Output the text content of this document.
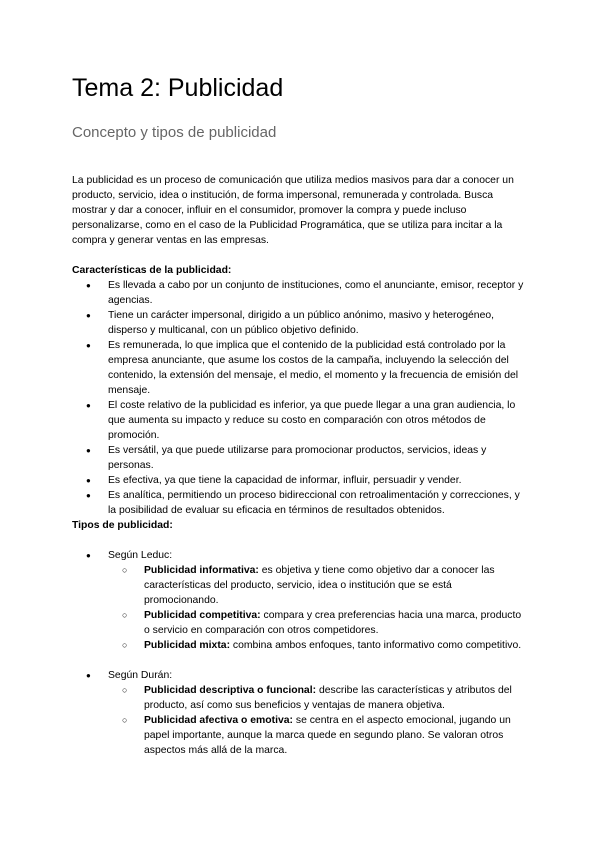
Tema 2: Publicidad
Concepto y tipos de publicidad

La publicidad es un proceso de comunicación que utiliza medios masivos para dar a conocer un producto, servicio, idea o institución, de forma impersonal, remunerada y controlada. Busca mostrar y dar a conocer, influir en el consumidor, promover la compra y puede incluso personalizarse, como en el caso de la Publicidad Programática, que se utiliza para incitar a la compra y generar ventas en las empresas.

Características de la publicidad:
● Es llevada a cabo por un conjunto de instituciones, como el anunciante, emisor, receptor y agencias.
● Tiene un carácter impersonal, dirigido a un público anónimo, masivo y heterogéneo, disperso y multicanal, con un público objetivo definido.
● Es remunerada, lo que implica que el contenido de la publicidad está controlado por la empresa anunciante, que asume los costos de la campaña, incluyendo la selección del contenido, la extensión del mensaje, el medio, el momento y la frecuencia de emisión del mensaje.
● El coste relativo de la publicidad es inferior, ya que puede llegar a una gran audiencia, lo que aumenta su impacto y reduce su costo en comparación con otros métodos de promoción.
● Es versátil, ya que puede utilizarse para promocionar productos, servicios, ideas y personas.
● Es efectiva, ya que tiene la capacidad de informar, influir, persuadir y vender.
● Es analítica, permitiendo un proceso bidireccional con retroalimentación y correcciones, y la posibilidad de evaluar su eficacia en términos de resultados obtenidos.
Tipos de publicidad:
● Según Leduc:
○ Publicidad informativa: es objetiva y tiene como objetivo dar a conocer las características del producto, servicio, idea o institución que se está promocionando.
○ Publicidad competitiva: compara y crea preferencias hacia una marca, producto o servicio en comparación con otros competidores.
○ Publicidad mixta: combina ambos enfoques, tanto informativo como competitivo.
● Según Durán:
○ Publicidad descriptiva o funcional: describe las características y atributos del producto, así como sus beneficios y ventajas de manera objetiva.
○ Publicidad afectiva o emotiva: se centra en el aspecto emocional, jugando un papel importante, aunque la marca quede en segundo plano. Se valoran otros aspectos más allá de la marca.
